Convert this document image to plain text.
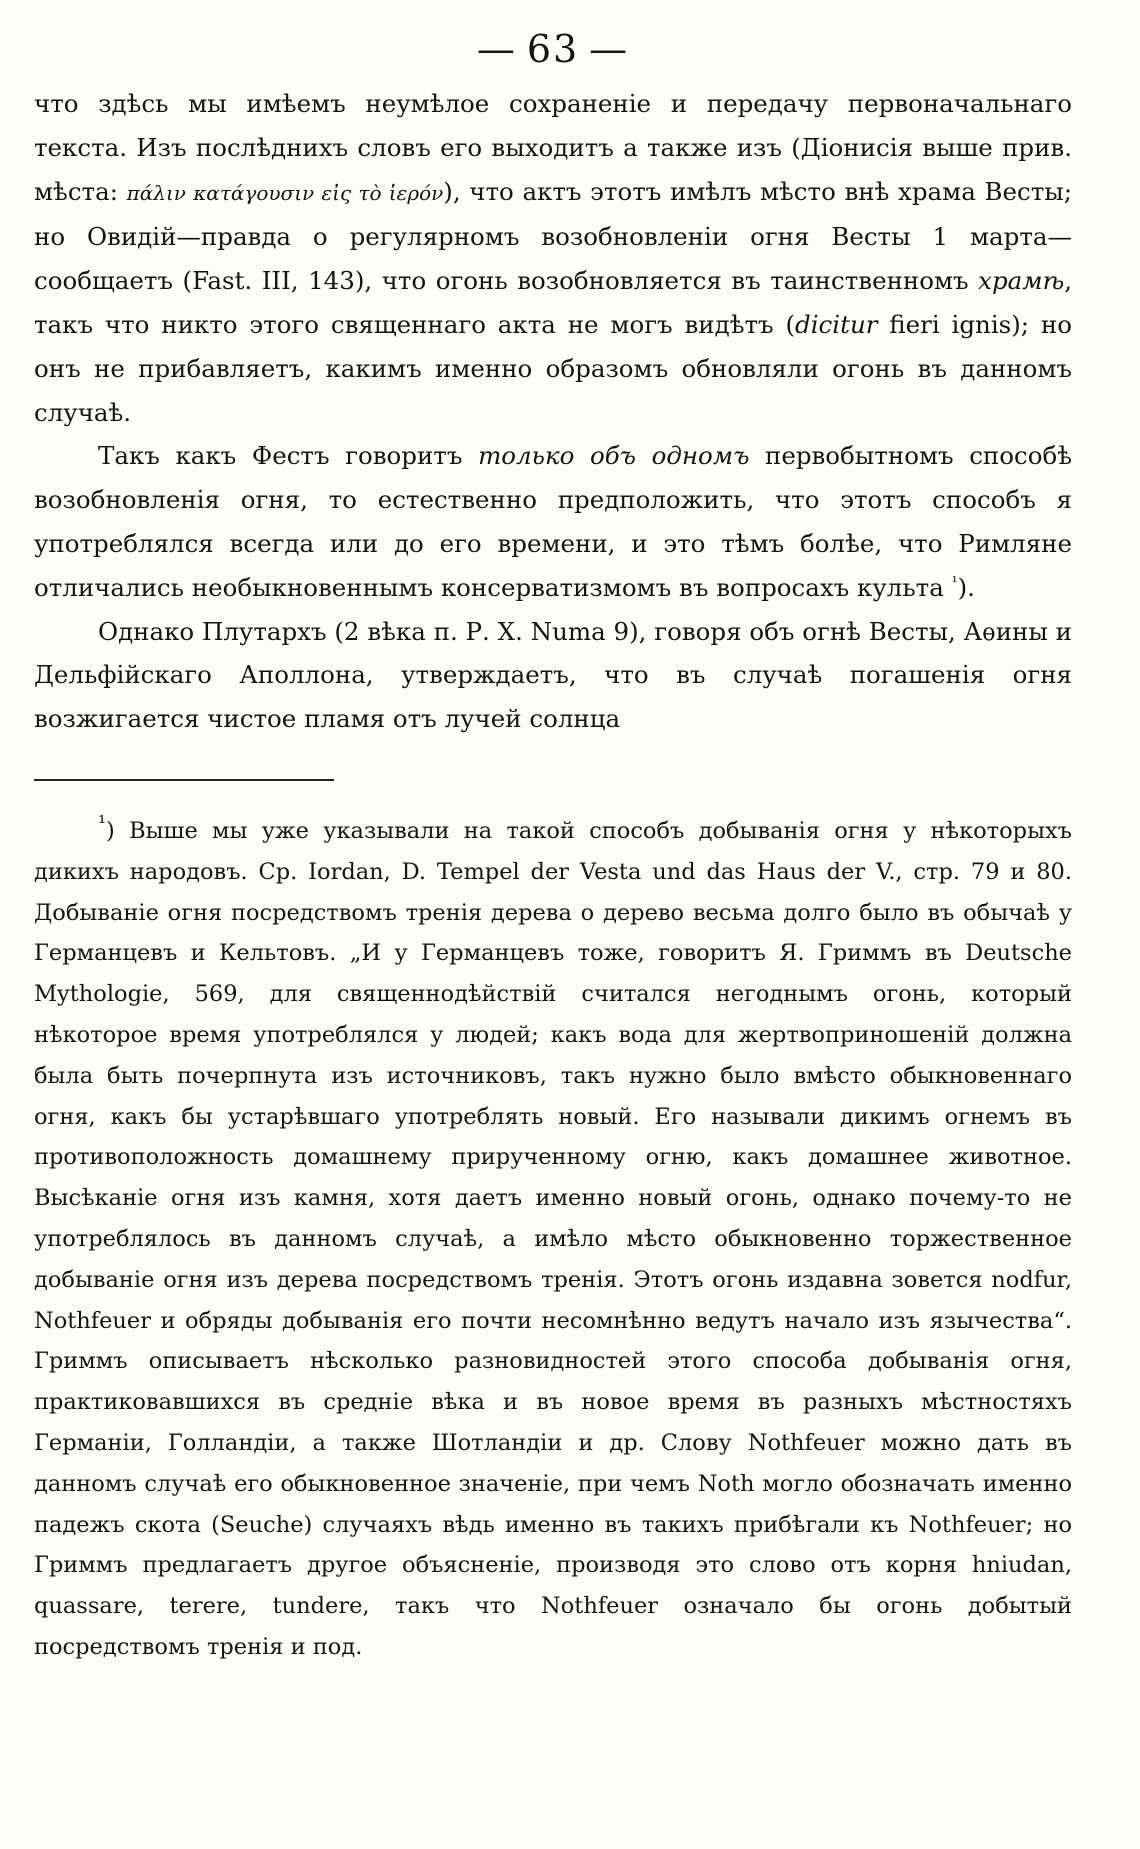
— 63 —

что здѣсь мы имѣемъ неумѣлое сохраненіе и передачу первоначальнаго текста. Изъ послѣднихъ словъ его выходитъ а также изъ (Діонисія выше прив. мѣста: πάλιν κατάγουσιν εἰς τὸ ἱερόν), что актъ этотъ имѣлъ мѣсто внѣ храма Весты; но Овидій—правда о регулярномъ возобновленіи огня Весты 1 марта—сообщаетъ (Fast. III, 143), что огонь возобновляется въ таинственномъ храмѣ, такъ что никто этого священнаго акта не могъ видѣтъ (dicitur fieri ignis); но онъ не прибавляетъ, какимъ именно образомъ обновляли огонь въ данномъ случаѣ.

Такъ какъ Фестъ говоритъ только объ одномъ первобытномъ способѣ возобновленія огня, то естественно предположить, что этотъ способъ я употреблялся всегда или до его времени, и это тѣмъ болѣе, что Римляне отличались необыкновеннымъ консерватизмомъ въ вопросахъ культа $^{^1}$).

Однако Плутархъ (2 вѣка п. Р. Х. Numa 9), говоря объ огнѣ Весты, Аѳины и Дельфійскаго Аполлона, утверждаетъ, что въ случаѣ погашенія огня возжигается чистое пламя отъ лучей солнца

¹) Выше мы уже указывали на такой способъ добыванія огня у нѣкоторыхъ дикихъ народовъ. Ср. Iordan, D. Tempel der Vesta und das Haus der V., стр. 79 и 80. Добываніе огня посредствомъ тренія дерева о дерево весьма долго было въ обычаѣ у Германцевъ и Кельтовъ. „И у Германцевъ тоже, говоритъ Я. Гриммъ въ Deutsche Mythologie, 569, для священнодѣйствій считался негоднымъ огонь, который нѣкоторое время употреблялся у людей; какъ вода для жертвоприношеній должна была быть почерпнута изъ источниковъ, такъ нужно было вмѣсто обыкновеннаго огня, какъ бы устарѣвшаго употреблять новый. Его называли дикимъ огнемъ въ противоположность домашнему прирученному огню, какъ домашнее животное. Высѣканіе огня изъ камня, хотя даетъ именно новый огонь, однако почему-то не употреблялось въ данномъ случаѣ, а имѣло мѣсто обыкновенно торжественное добываніе огня изъ дерева посредствомъ тренія. Этотъ огонь издавна зовется nodfur, Nothfeuer и обряды добыванія его почти несомнѣнно ведутъ начало изъ язычества“. Гриммъ описываетъ нѣсколько разновидностей этого способа добыванія огня, практиковавшихся въ средніе вѣка и въ новое время въ разныхъ мѣстностяхъ Германіи, Голландіи, а также Шотландіи и др. Слову Nothfeuer можно дать въ данномъ случаѣ его обыкновенное значеніе, при чемъ Noth могло обозначать именно падежъ скота (Seuche) случаяхъ вѣдь именно въ такихъ прибѣгали къ Nothfeuer; но Гриммъ предлагаетъ другое объясненіе, производя это слово отъ корня hniudan, quassare, terere, tundere, такъ что Nothfeuer означало бы огонь добытый посредствомъ тренія и под.
